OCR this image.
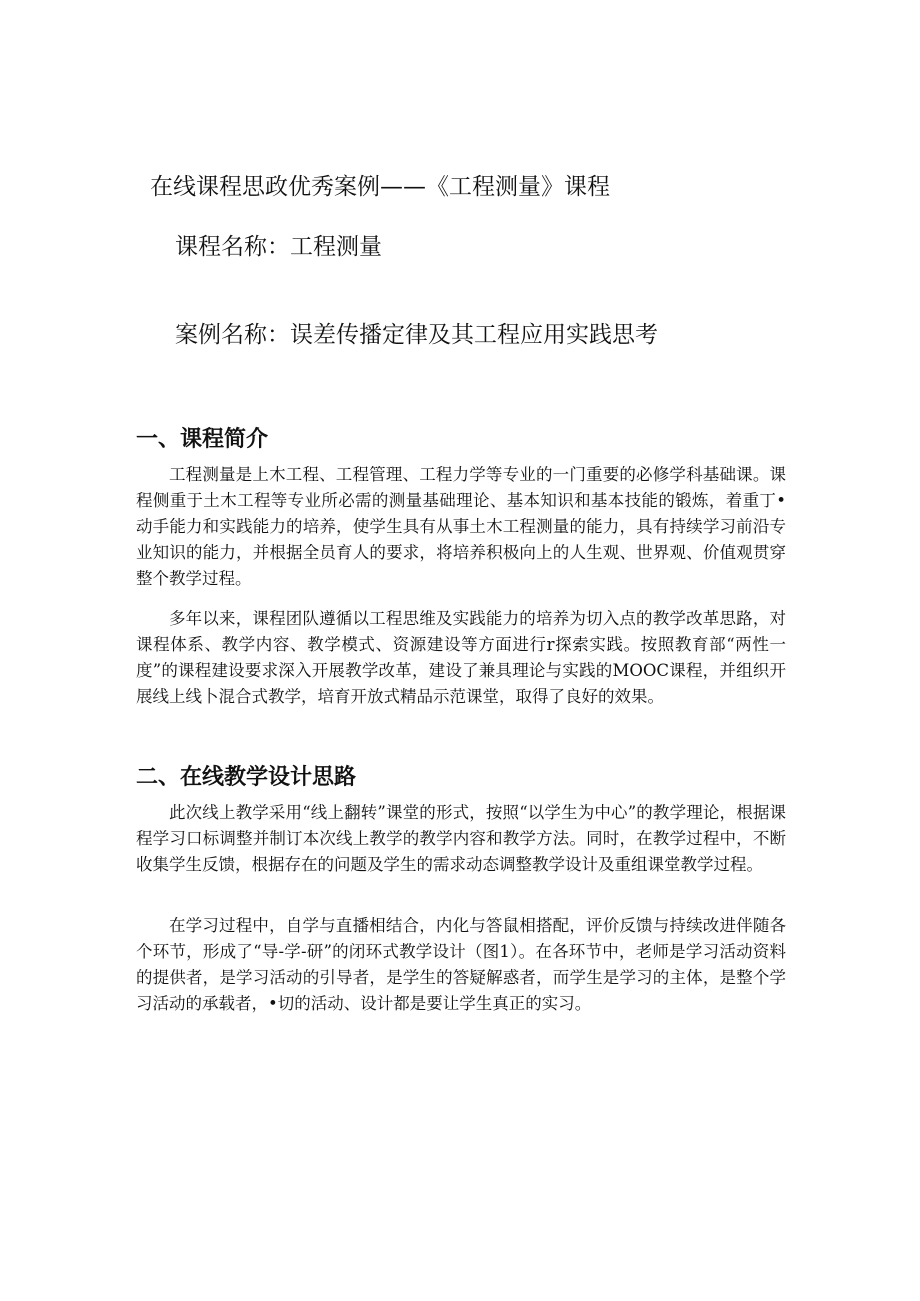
在线课程思政优秀案例——《工程测量》课程
课程名称：工程测量
案例名称：误差传播定律及其工程应用实践思考
一、课程简介

工程测量是上木工程、工程管理、工程力学等专业的一门重要的必修学科基础课。课程侧重于土木工程等专业所必需的测量基础理论、基本知识和基本技能的锻炼，着重丁•动手能力和实践能力的培养，使学生具有从事土木工程测量的能力，具有持续学习前沿专业知识的能力，并根据全员育人的要求，将培养积极向上的人生观、世界观、价值观贯穿整个教学过程。

多年以来，课程团队遵循以工程思维及实践能力的培养为切入点的教学改革思路，对课程体系、教学内容、教学模式、资源建设等方面进行r探索实践。按照教育部“两性一度”的课程建设要求深入开展教学改革，建设了兼具理论与实践的MOOC课程，并组织开展线上线卜混合式教学，培育开放式精品示范课堂，取得了良好的效果。

二、在线教学设计思路

此次线上教学采用“线上翻转”课堂的形式，按照“以学生为中心”的教学理论，根据课程学习口标调整并制订本次线上教学的教学内容和教学方法。同时，在教学过程中，不断收集学生反馈，根据存在的问题及学生的需求动态调整教学设计及重组课堂教学过程。

在学习过程中，自学与直播相结合，内化与答鼠相搭配，评价反馈与持续改进伴随各个环节，形成了“导-学-研”的闭环式教学设计（图1）。在各环节中，老师是学习活动资料的提供者，是学习活动的引导者，是学生的答疑解惑者，而学生是学习的主体，是整个学习活动的承载者，•切的活动、设计都是要让学生真正的实习。
